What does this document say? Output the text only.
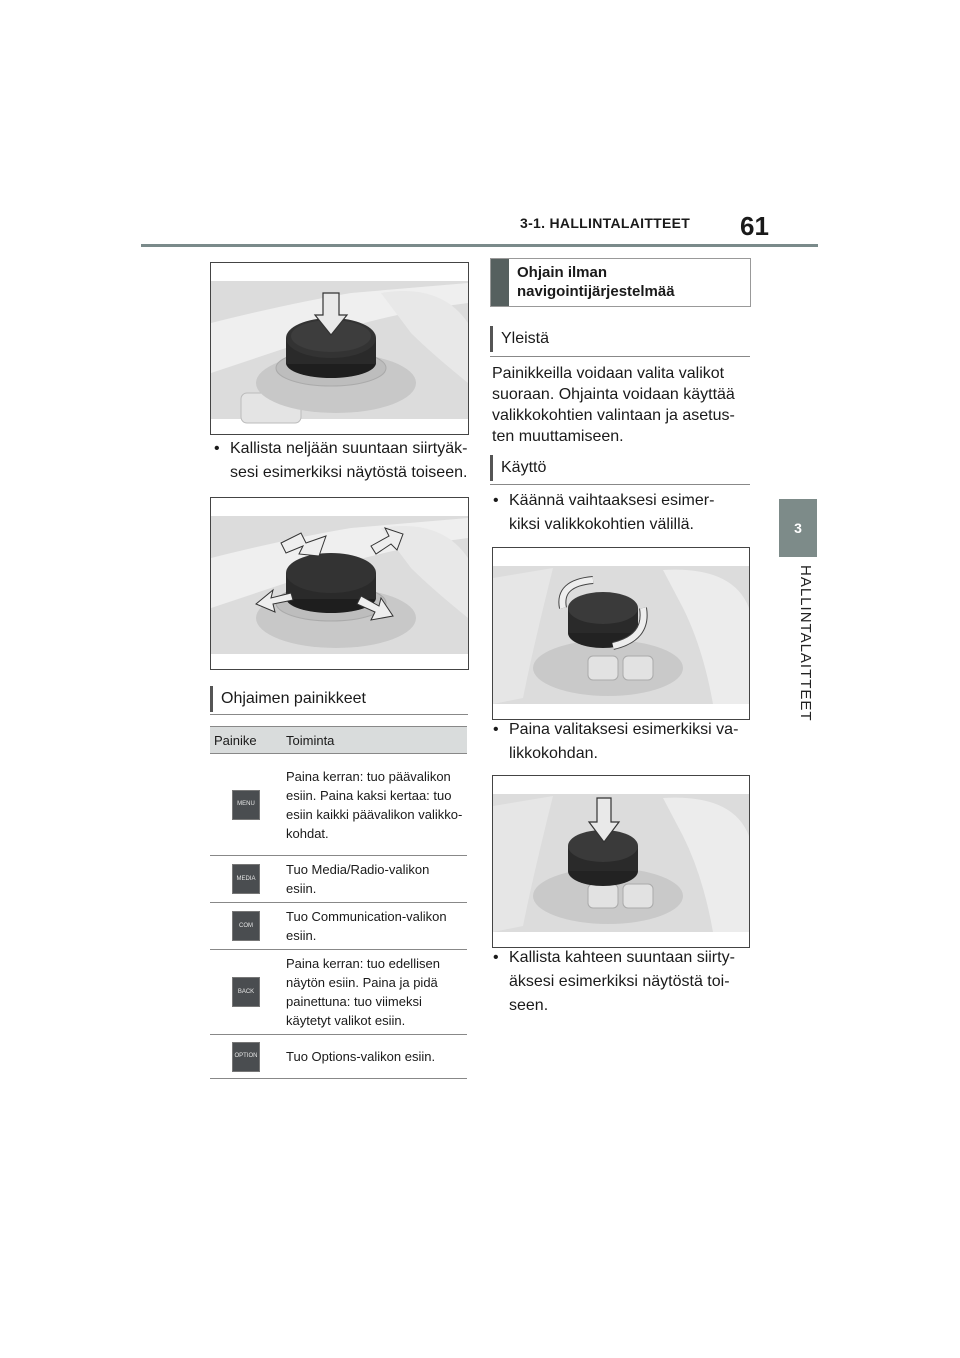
3-1. HALLINTALAITTEET	61
3
HALLINTALAITTEET
• Kallista neljään suuntaan siirtyäk-
sesi esimerkiksi näytöstä toiseen.
Ohjaimen painikkeet
Painike	Toiminta

MENU	Paina kerran: tuo päävalikon esiin. Paina kaksi kertaa: tuo esiin kaikki päävalikon valikko-kohdat.

MEDIA	Tuo Media/Radio-valikon esiin.

COM	Tuo Communication-valikon esiin.

BACK	Paina kerran: tuo edellisen näytön esiin. Paina ja pidä painettuna: tuo viimeksi käytetyt valikot esiin.

OPTION	Tuo Options-valikon esiin.
Ohjain ilman
navigointijärjestelmää
Yleistä
Painikkeilla voidaan valita valikot suoraan. Ohjainta voidaan käyttää valikkokohtien valintaan ja asetus-ten muuttamiseen.
Käyttö
• Käännä vaihtaaksesi esimer-
kiksi valikkokohtien välillä.
• Paina valitaksesi esimerkiksi va-
likkokohdan.
• Kallista kahteen suuntaan siirty-
äksesi esimerkiksi näytöstä toi-
seen.
